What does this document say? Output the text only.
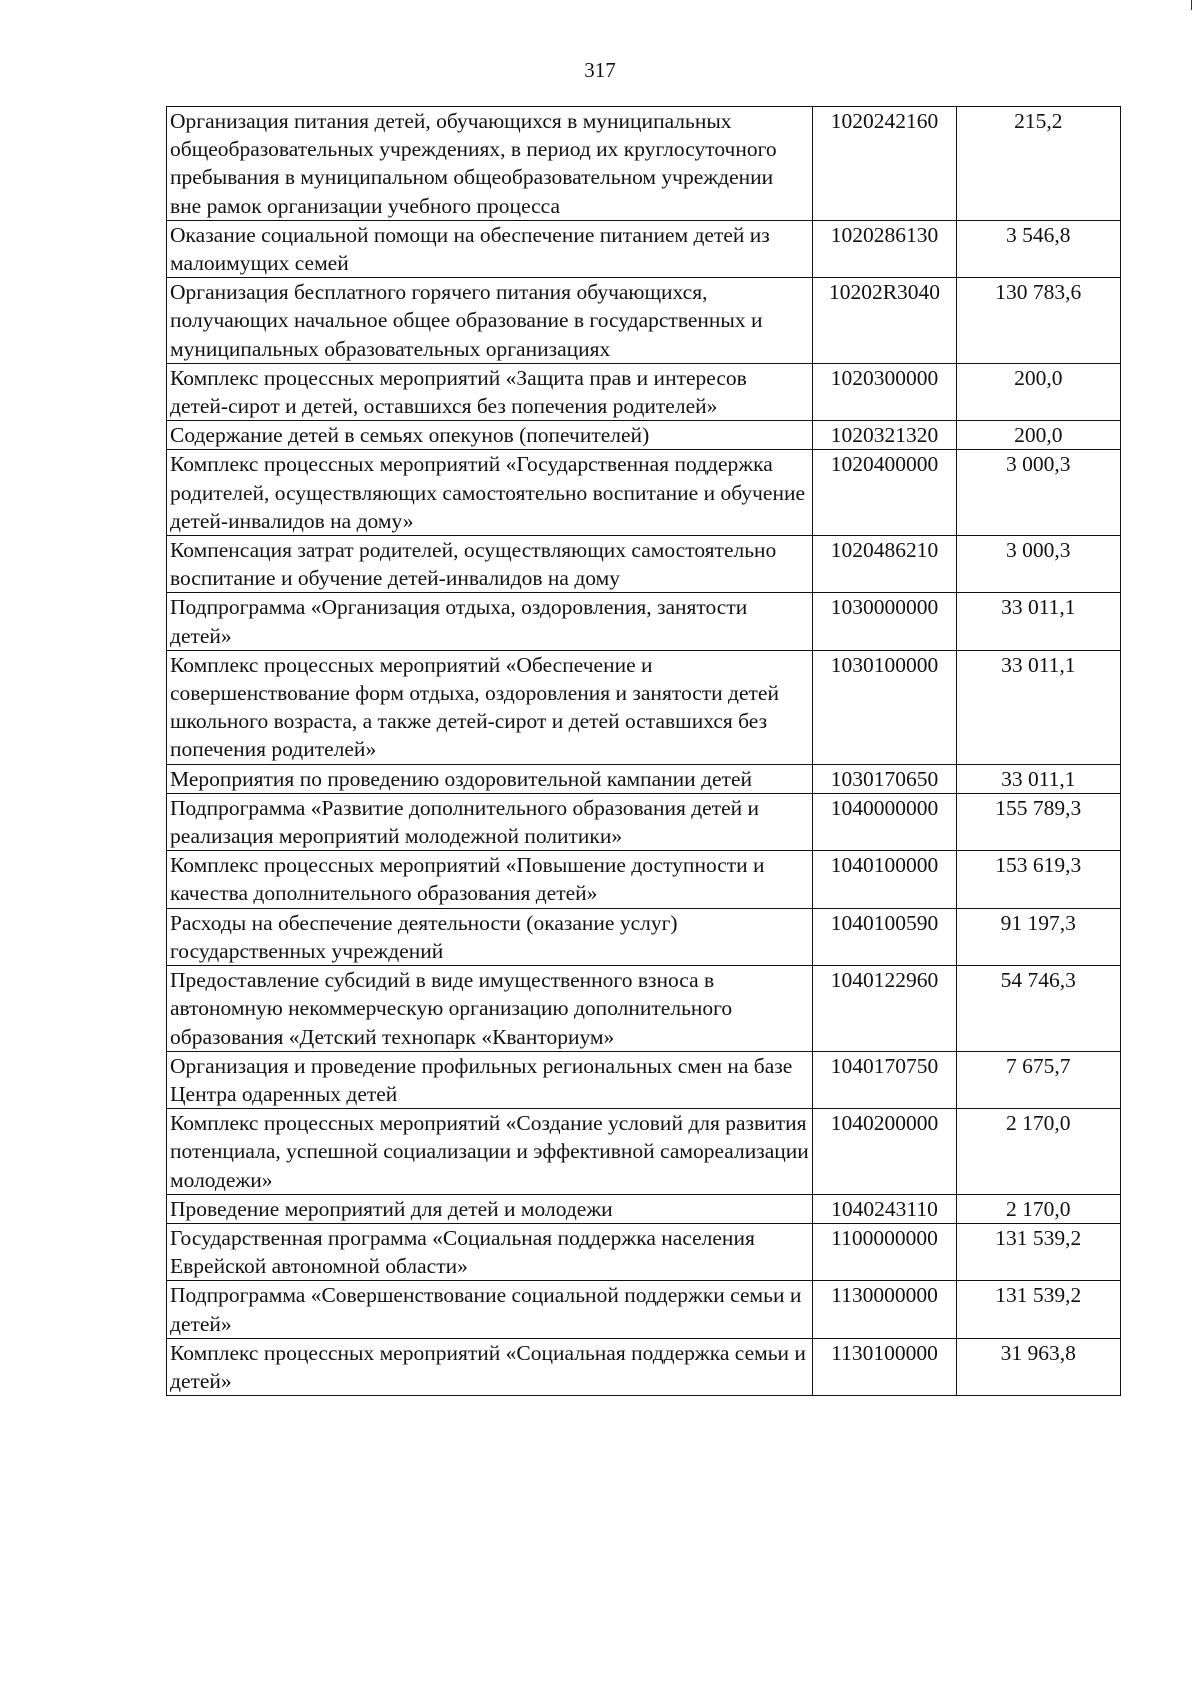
317
Организация питания детей, обучающихся в муниципальных общеобразовательных учреждениях, в период их круглосуточного пребывания в муниципальном общеобразовательном учреждении вне рамок организации учебного процесса	1020242160	215,2
Оказание социальной помощи на обеспечение питанием детей из малоимущих семей	1020286130	3 546,8
Организация бесплатного горячего питания обучающихся, получающих начальное общее образование в государственных и муниципальных образовательных организациях	10202R3040	130 783,6
Комплекс процессных мероприятий «Защита прав и интересов детей-сирот и детей, оставшихся без попечения родителей»	1020300000	200,0
Содержание детей в семьях опекунов (попечителей)	1020321320	200,0
Комплекс процессных мероприятий «Государственная поддержка родителей, осуществляющих самостоятельно воспитание и обучение детей-инвалидов на дому»	1020400000	3 000,3
Компенсация затрат родителей, осуществляющих самостоятельно воспитание и обучение детей-инвалидов на дому	1020486210	3 000,3
Подпрограмма «Организация отдыха, оздоровления, занятости детей»	1030000000	33 011,1
Комплекс процессных мероприятий «Обеспечение и совершенствование форм отдыха, оздоровления и занятости детей школьного возраста, а также детей-сирот и детей оставшихся без попечения родителей»	1030100000	33 011,1
Мероприятия по проведению оздоровительной кампании детей	1030170650	33 011,1
Подпрограмма «Развитие дополнительного образования детей и реализация мероприятий молодежной политики»	1040000000	155 789,3
Комплекс процессных мероприятий «Повышение доступности и качества дополнительного образования детей»	1040100000	153 619,3
Расходы на обеспечение деятельности (оказание услуг) государственных учреждений	1040100590	91 197,3
Предоставление субсидий в виде имущественного взноса в автономную некоммерческую организацию дополнительного образования «Детский технопарк «Кванториум»	1040122960	54 746,3
Организация и проведение профильных региональных смен на базе Центра одаренных детей	1040170750	7 675,7
Комплекс процессных мероприятий «Создание условий для развития потенциала, успешной социализации и эффективной самореализации молодежи»	1040200000	2 170,0
Проведение мероприятий для детей и молодежи	1040243110	2 170,0
Государственная программа «Социальная поддержка населения Еврейской автономной области»	1100000000	131 539,2
Подпрограмма «Совершенствование социальной поддержки семьи и детей»	1130000000	131 539,2
Комплекс процессных мероприятий «Социальная поддержка семьи и детей»	1130100000	31 963,8
